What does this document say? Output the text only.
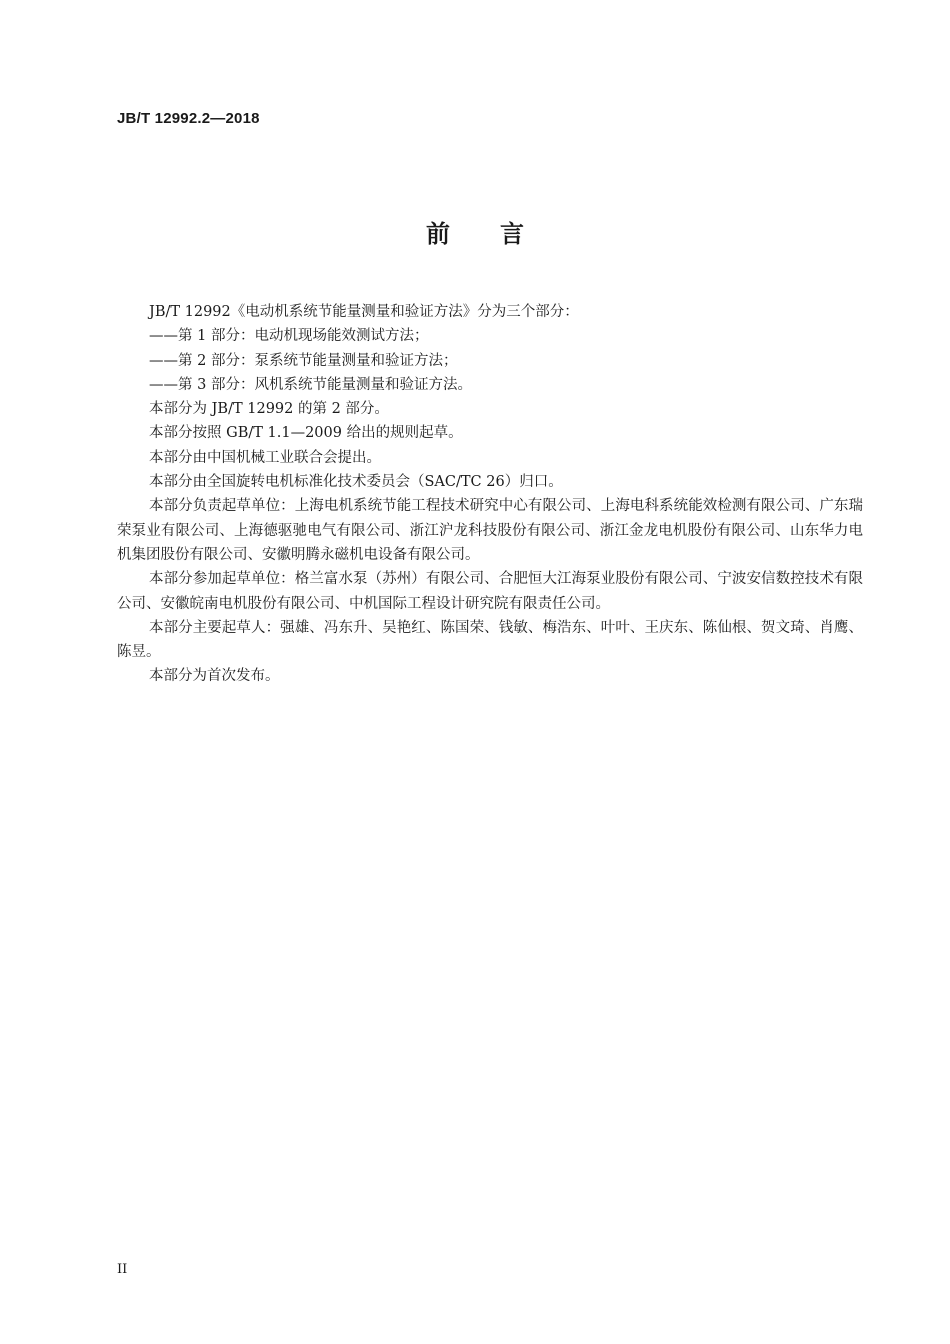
JB/T 12992.2—2018
前 言

JB/T 12992《电动机系统节能量测量和验证方法》分为三个部分：

——第 1 部分：电动机现场能效测试方法；

——第 2 部分：泵系统节能量测量和验证方法；

——第 3 部分：风机系统节能量测量和验证方法。

本部分为 JB/T 12992 的第 2 部分。

本部分按照 GB/T 1.1—2009 给出的规则起草。

本部分由中国机械工业联合会提出。

本部分由全国旋转电机标准化技术委员会（SAC/TC 26）归口。

本部分负责起草单位：上海电机系统节能工程技术研究中心有限公司、上海电科系统能效检测有限公司、广东瑞荣泵业有限公司、上海德驱驰电气有限公司、浙江沪龙科技股份有限公司、浙江金龙电机股份有限公司、山东华力电机集团股份有限公司、安徽明腾永磁机电设备有限公司。

本部分参加起草单位：格兰富水泵（苏州）有限公司、合肥恒大江海泵业股份有限公司、宁波安信数控技术有限公司、安徽皖南电机股份有限公司、中机国际工程设计研究院有限责任公司。

本部分主要起草人：强雄、冯东升、吴艳红、陈国荣、钱敏、梅浩东、叶叶、王庆东、陈仙根、贺文琦、肖鹰、陈昱。

本部分为首次发布。

II
